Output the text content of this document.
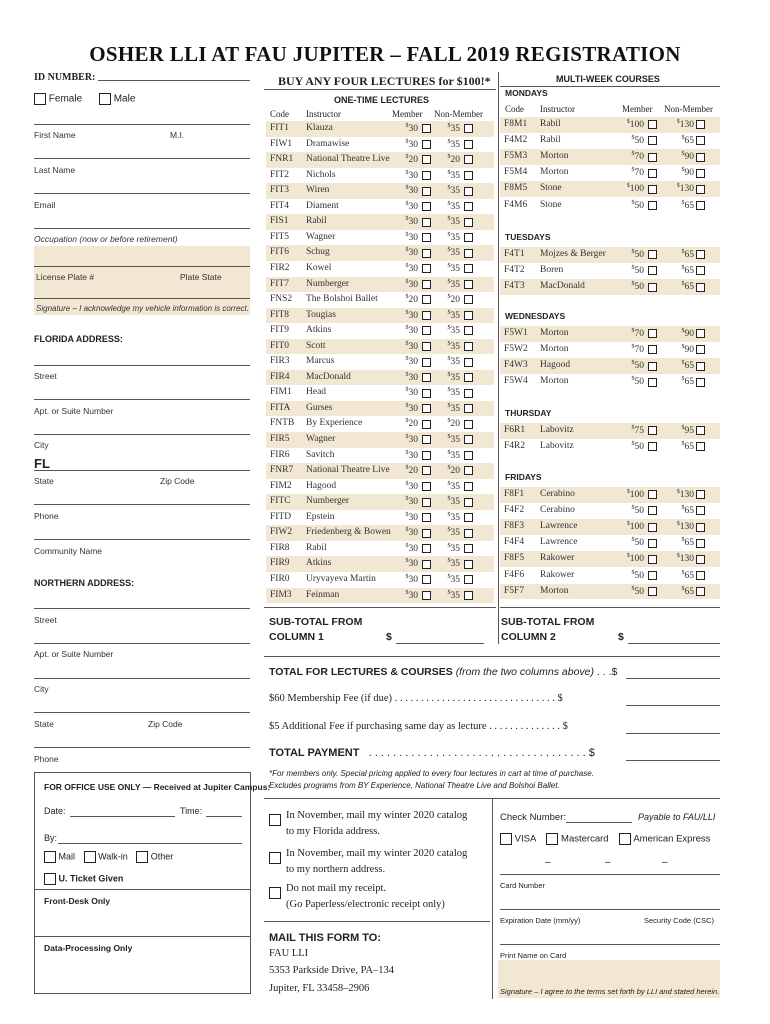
OSHER LLI AT FAU JUPITER – FALL 2019 REGISTRATION
ID NUMBER:
Female	Male
First Name	M.I.
Last Name
Email
Occupation (now or before retirement)
License Plate #	Plate State
Signature – I acknowledge my vehicle information is correct.
FLORIDA ADDRESS:
Street
Apt. or Suite Number
City
FL
State	Zip Code
Phone
Community Name
NORTHERN ADDRESS:
Street
Apt. or Suite Number
City
State	Zip Code
Phone
FOR OFFICE USE ONLY — Received at Jupiter Campus:
Date:	Time:
By:
Mail	Walk-in	Other
U. Ticket Given
Front-Desk Only
Data-Processing Only
BUY ANY FOUR LECTURES for $100!*
ONE-TIME LECTURES
Code Instructor	Member Non-Member
FIT1 Klauza	$30	$35
FIW1 Dramawise	$30	$35
FNR1 National Theatre Live	$20	$20
FIT2 Nichols	$30	$35
FIT3 Wiren	$30	$35
FIT4 Diament	$30	$35
FIS1 Rabil	$30	$35
FIT5 Wagner	$30	$35
FIT6 Schug	$30	$35
FIR2 Kowel	$30	$35
FIT7 Numberger	$30	$35
FNS2 The Bolshoi Ballet	$20	$20
FIT8 Tougias	$30	$35
FIT9 Atkins	$30	$35
FIT0 Scott	$30	$35
FIR3 Marcus	$30	$35
FIR4 MacDonald	$30	$35
FIM1 Head	$30	$35
FITA Gurses	$30	$35
FNTB By Experience	$20	$20
FIR5 Wagner	$30	$35
FIR6 Savitch	$30	$35
FNR7 National Theatre Live	$20	$20
FIM2 Hagood	$30	$35
FITC Numberger	$30	$35
FITD Epstein	$30	$35
FIW2 Friedenberg & Bowen	$30	$35
FIR8 Rabil	$30	$35
FIR9 Atkins	$30	$35
FIR0 Uryvayeva Martin	$30	$35
FIM3 Feinman	$30	$35
SUB-TOTAL FROM
COLUMN 1	$
MULTI-WEEK COURSES
Code Instructor	Member Non-Member
MONDAYS
F8M1 Rabil	$100	$130
F4M2 Rabil	$50	$65
F5M3 Morton	$70	$90
F5M4 Morton	$70	$90
F8M5 Stone	$100	$130
F4M6 Stone	$50	$65
TUESDAYS
F4T1 Mojzes & Berger	$50	$65
F4T2 Boren	$50	$65
F4T3 MacDonald	$50	$65
WEDNESDAYS
F5W1 Morton	$70	$90
F5W2 Morton	$70	$90
F4W3 Hagood	$50	$65
F5W4 Morton	$50	$65
THURSDAY
F6R1 Labovitz	$75	$95
F4R2 Labovitz	$50	$65
FRIDAYS
F8F1 Cerabino	$100	$130
F4F2 Cerabino	$50	$65
F8F3 Lawrence	$100	$130
F4F4 Lawrence	$50	$65
F8F5 Rakower	$100	$130
F4F6 Rakower	$50	$65
F5F7 Morton	$50	$65
SUB-TOTAL FROM
COLUMN 2	$
TOTAL FOR LECTURES & COURSES (from the two columns above) . . .$
$60 Membership Fee (if due) . . . . . . . . . . . . . . . . . . . . . . . . . . . . . . . $
$5 Additional Fee if purchasing same day as lecture . . . . . . . . . . . . . . $
TOTAL PAYMENT   . . . . . . . . . . . . . . . . . . . . . . . . . . . . . . . . . . . . $
*For members only. Special pricing applied to every four lectures in cart at time of purchase.
Excludes programs from BY Experience, National Theatre Live and Bolshoi Ballet.
In November, mail my winter 2020 catalog
to my Florida address.
In November, mail my winter 2020 catalog
to my northern address.
Do not mail my receipt.
(Go Paperless/electronic receipt only)
MAIL THIS FORM TO:
FAU LLI
5353 Parkside Drive, PA–134
Jupiter, FL 33458–2906
Check Number:	Payable to FAU/LLI
VISA	Mastercard	American Express
–	–	–
Card Number
Expiration Date (mm/yy)	Security Code (CSC)
Print Name on Card
Signature – I agree to the terms set forth by LLI and stated herein.
